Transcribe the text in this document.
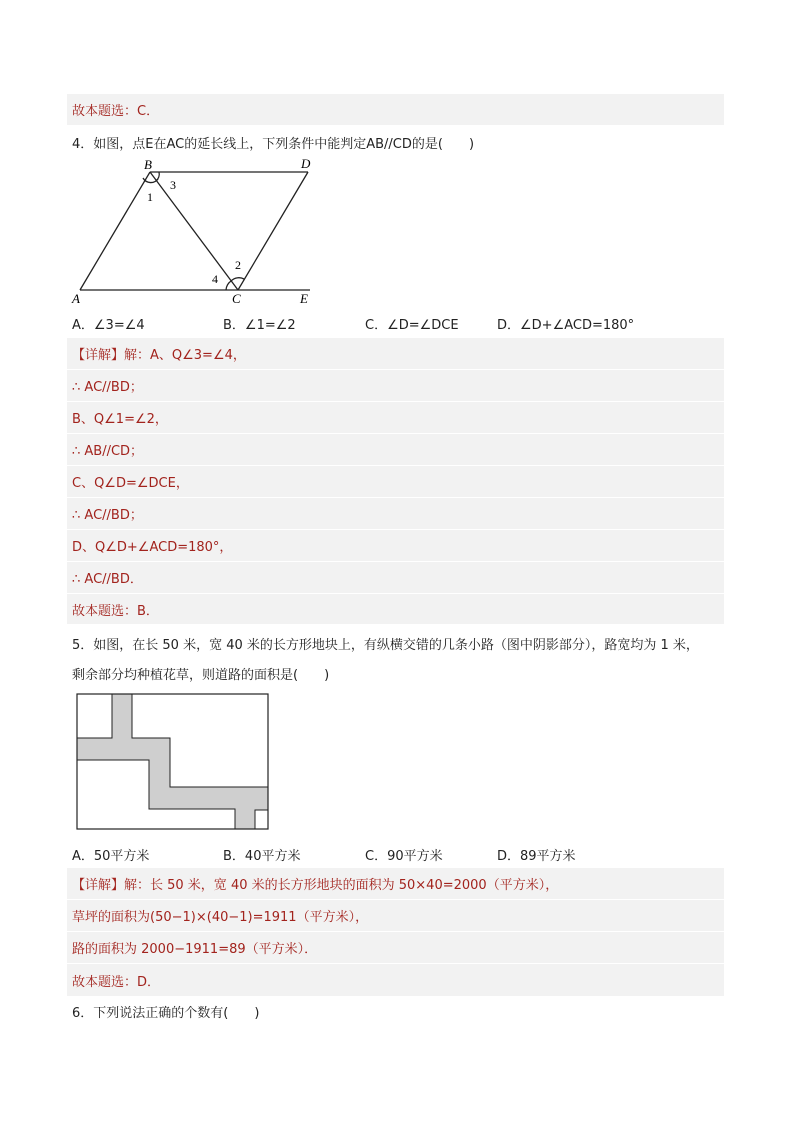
故本题选：C．
4．如图，点E在AC的延长线上，下列条件中能判定AB//CD的是(　　)
B	D
A	C	E
1
3
2
4
A．∠3=∠4	B．∠1=∠2	C．∠D=∠DCE	D．∠D+∠ACD=180°
【详解】解：A、Q∠3=∠4，
∴ AC//BD；
B、Q∠1=∠2，
∴ AB//CD；
C、Q∠D=∠DCE，
∴ AC//BD；
D、Q∠D+∠ACD=180°，
∴ AC//BD．
故本题选：B．
5．如图，在长 50 米，宽 40 米的长方形地块上，有纵横交错的几条小路（图中阴影部分），路宽均为 1 米，
剩余部分均种植花草，则道路的面积是(　　)
A．50平方米	B．40平方米	C．90平方米	D．89平方米
【详解】解：长 50 米，宽 40 米的长方形地块的面积为 50×40=2000（平方米），
草坪的面积为(50−1)×(40−1)=1911（平方米），
路的面积为 2000−1911=89（平方米）．
故本题选：D．
6．下列说法正确的个数有(　　)
